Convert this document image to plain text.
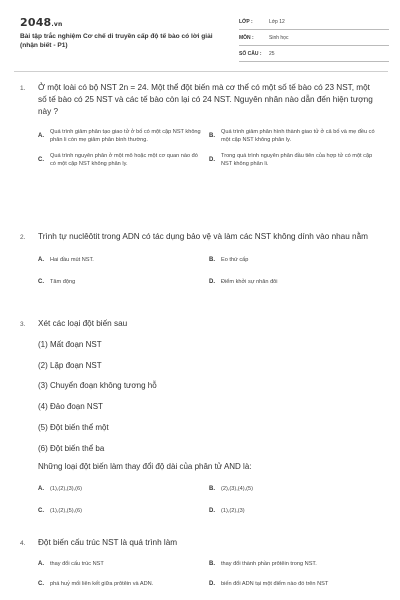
2048.vn
Bài tập trắc nghiệm Cơ chế di truyền cấp độ tế bào có lời giải (nhận biết - P1)
LỚP :	Lớp 12
MÔN :	Sinh học
SỐ CÂU :	25
1.	Ở một loài có bộ NST 2n = 24. Một thể đột biến mà cơ thể có một số tế bào có 23 NST, một số tế bào có 25 NST và các tế bào còn lại có 24 NST. Nguyên nhân nào dẫn đến hiện tượng này ?
A.
Quá trình giảm phân tạo giao tử ở bố có một cặp NST không phân li còn mẹ giảm phân bình thường.
B.
Quá trình giảm phân hình thành giao tử ở cả bố và mẹ đều có một cặp NST không phân ly.
C.
Quá trình nguyên phân ở một mô hoặc một cơ quan nào đó có một cặp NST không phân ly.
D.
Trong quá trình nguyên phân đầu tiên của hợp tử có một cặp NST không phân li.
2.	Trình tự nuclêôtit trong ADN có tác dụng bảo vệ và làm các NST không dính vào nhau nằm
A.	Hai đầu mút NST.	B.	Eo thứ cấp
C.	Tâm động	D.	Điểm khởi sự nhân đôi
3.	Xét các loại đột biến sau
(1) Mất đoạn NST
(2) Lặp đoạn NST
(3) Chuyển đoạn không tương hỗ
(4) Đảo đoạn NST
(5) Đột biến thể một
(6) Đột biến thể ba
Những loại đột biến làm thay đổi độ dài của phân tử AND là:
A.	(1),(2),(3),(6)	B.	(2),(3),(4),(5)
C.	(1),(2),(5),(6)	D.	(1),(2),(3)
4.	Đột biến cấu trúc NST là quá trình làm
A.	thay đổi cấu trúc NST	B.	thay đổi thành phần prôtêin trong NST.
C.	phá huỷ mối liên kết giữa prôtêin và ADN.	D.	biến đổi ADN tại một điểm nào đó trên NST
